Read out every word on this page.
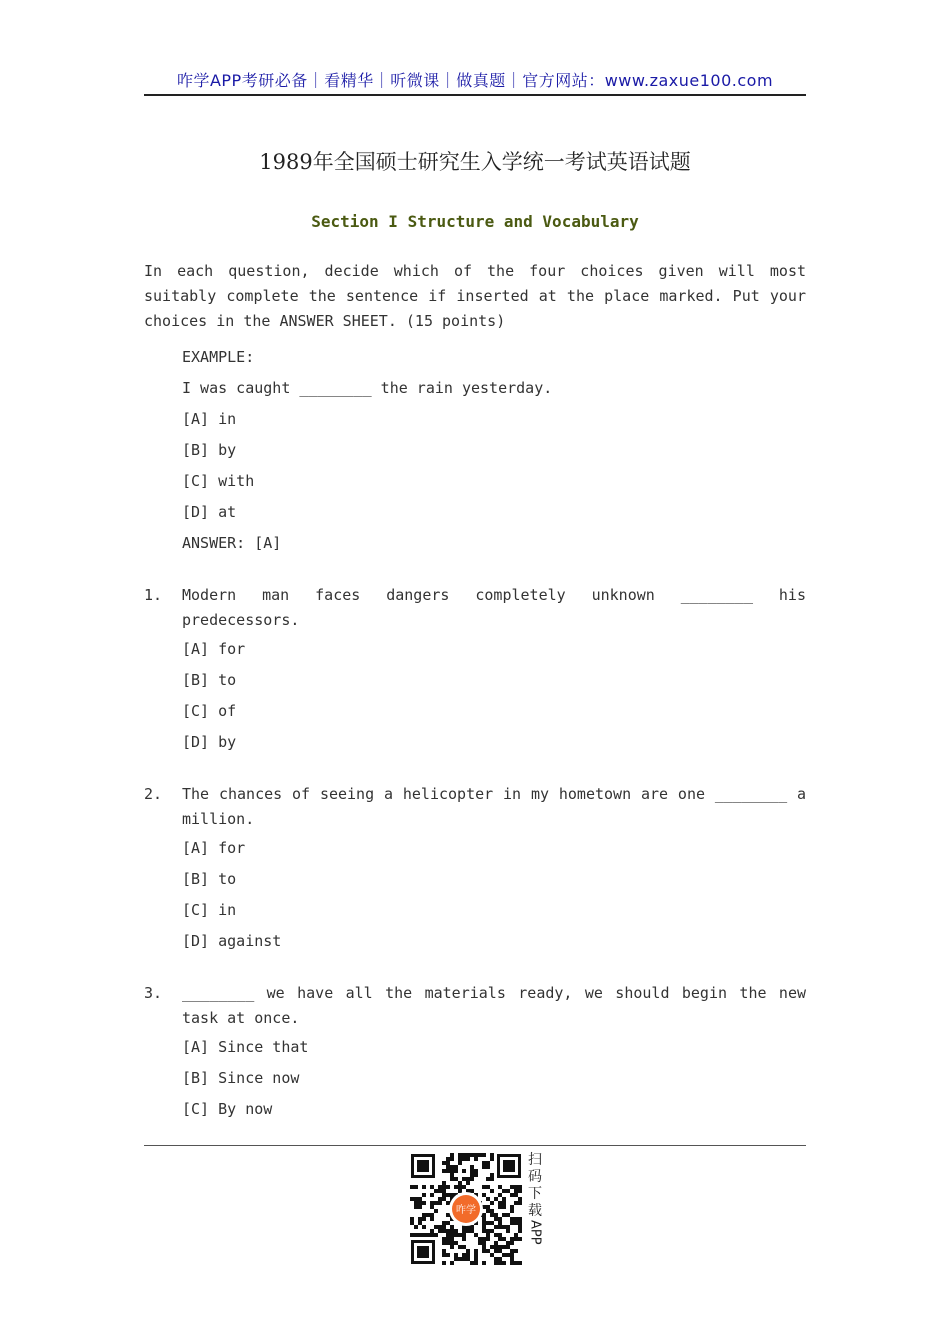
咋学APP考研必备｜看精华｜听微课｜做真题｜官方网站：www.zaxue100.com
1989年全国硕士研究生入学统一考试英语试题
Section I Structure and Vocabulary
In each question, decide which of the four choices given will most suitably complete the sentence if inserted at the place marked. Put your choices in the ANSWER SHEET. (15 points)
EXAMPLE:
I was caught ________ the rain yesterday.
[A] in
[B] by
[C] with
[D] at
ANSWER: [A]
1. Modern man faces dangers completely unknown ________ his predecessors.
[A] for
[B] to
[C] of
[D] by
2. The chances of seeing a helicopter in my hometown are one ________ a million.
[A] for
[B] to
[C] in
[D] against
3. ________ we have all the materials ready, we should begin the new task at once.
[A] Since that
[B] Since now
[C] By now
咋学
扫
码
下
载
APP
